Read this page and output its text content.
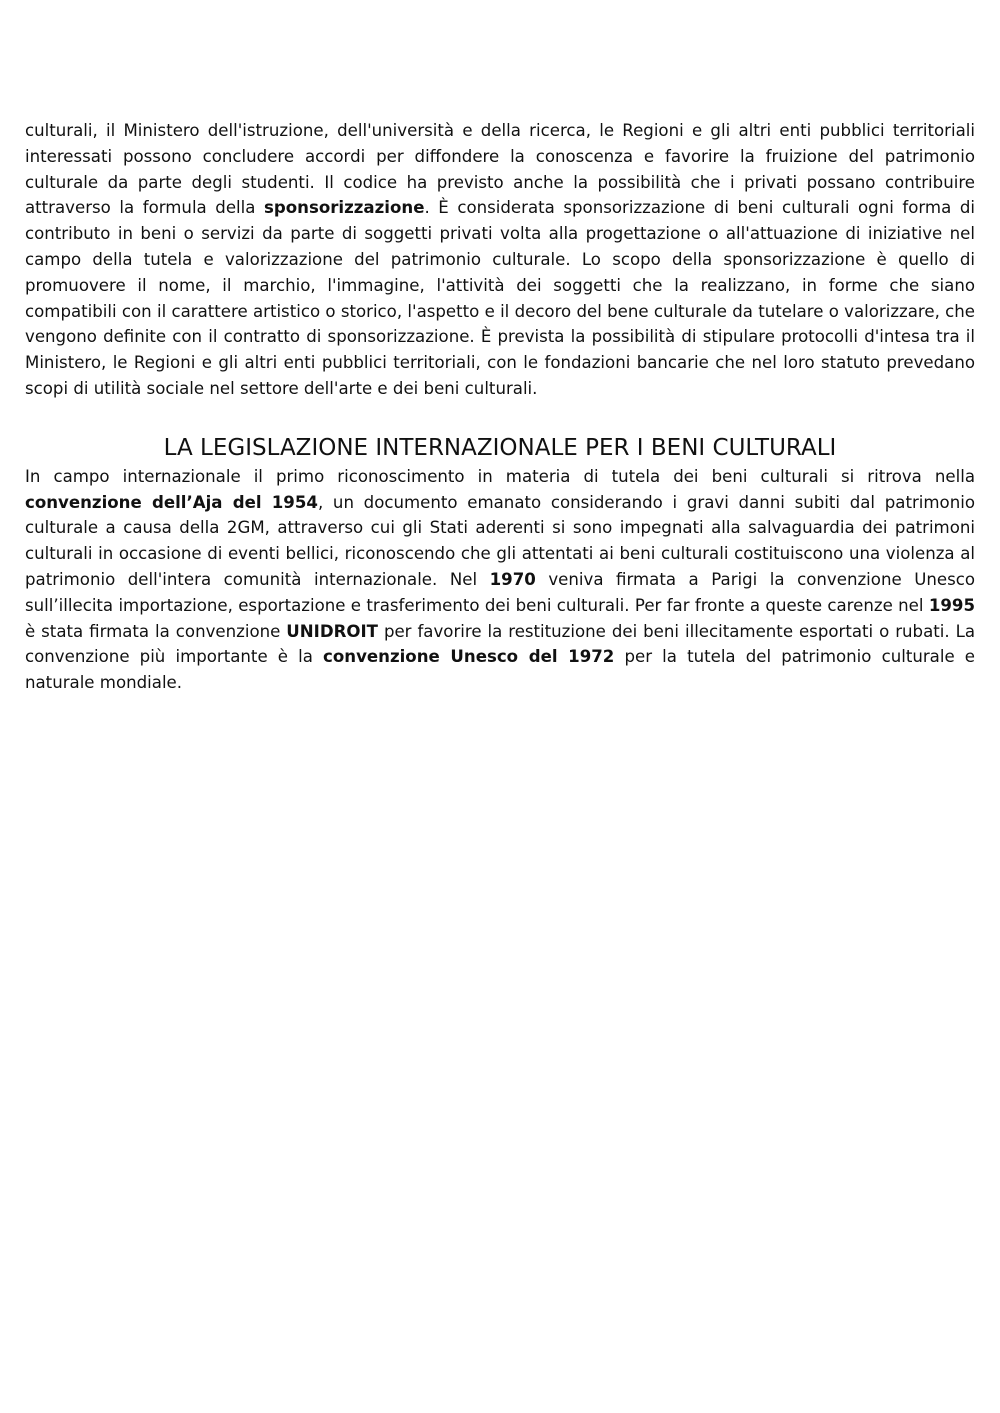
culturali, il Ministero dell'istruzione, dell'università e della ricerca, le Regioni e gli altri enti pubblici territoriali interessati possono concludere accordi per diffondere la conoscenza e favorire la fruizione del patrimonio culturale da parte degli studenti. Il codice ha previsto anche la possibilità che i privati possano contribuire attraverso la formula della sponsorizzazione. È considerata sponsorizzazione di beni culturali ogni forma di contributo in beni o servizi da parte di soggetti privati volta alla progettazione o all'attuazione di iniziative nel campo della tutela e valorizzazione del patrimonio culturale. Lo scopo della sponsorizzazione è quello di promuovere il nome, il marchio, l'immagine, l'attività dei soggetti che la realizzano, in forme che siano compatibili con il carattere artistico o storico, l'aspetto e il decoro del bene culturale da tutelare o valorizzare, che vengono definite con il contratto di sponsorizzazione. È prevista la possibilità di stipulare protocolli d'intesa tra il Ministero, le Regioni e gli altri enti pubblici territoriali, con le fondazioni bancarie che nel loro statuto prevedano scopi di utilità sociale nel settore dell'arte e dei beni culturali.

LA LEGISLAZIONE INTERNAZIONALE PER I BENI CULTURALI

In campo internazionale il primo riconoscimento in materia di tutela dei beni culturali si ritrova nella convenzione dell’Aja del 1954, un documento emanato considerando i gravi danni subiti dal patrimonio culturale a causa della 2GM, attraverso cui gli Stati aderenti si sono impegnati alla salvaguardia dei patrimoni culturali in occasione di eventi bellici, riconoscendo che gli attentati ai beni culturali costituiscono una violenza al patrimonio dell'intera comunità internazionale. Nel 1970 veniva firmata a Parigi la convenzione Unesco sull’illecita importazione, esportazione e trasferimento dei beni culturali. Per far fronte a queste carenze nel 1995 è stata firmata la convenzione UNIDROIT per favorire la restituzione dei beni illecitamente esportati o rubati. La convenzione più importante è la convenzione Unesco del 1972 per la tutela del patrimonio culturale e naturale mondiale.
